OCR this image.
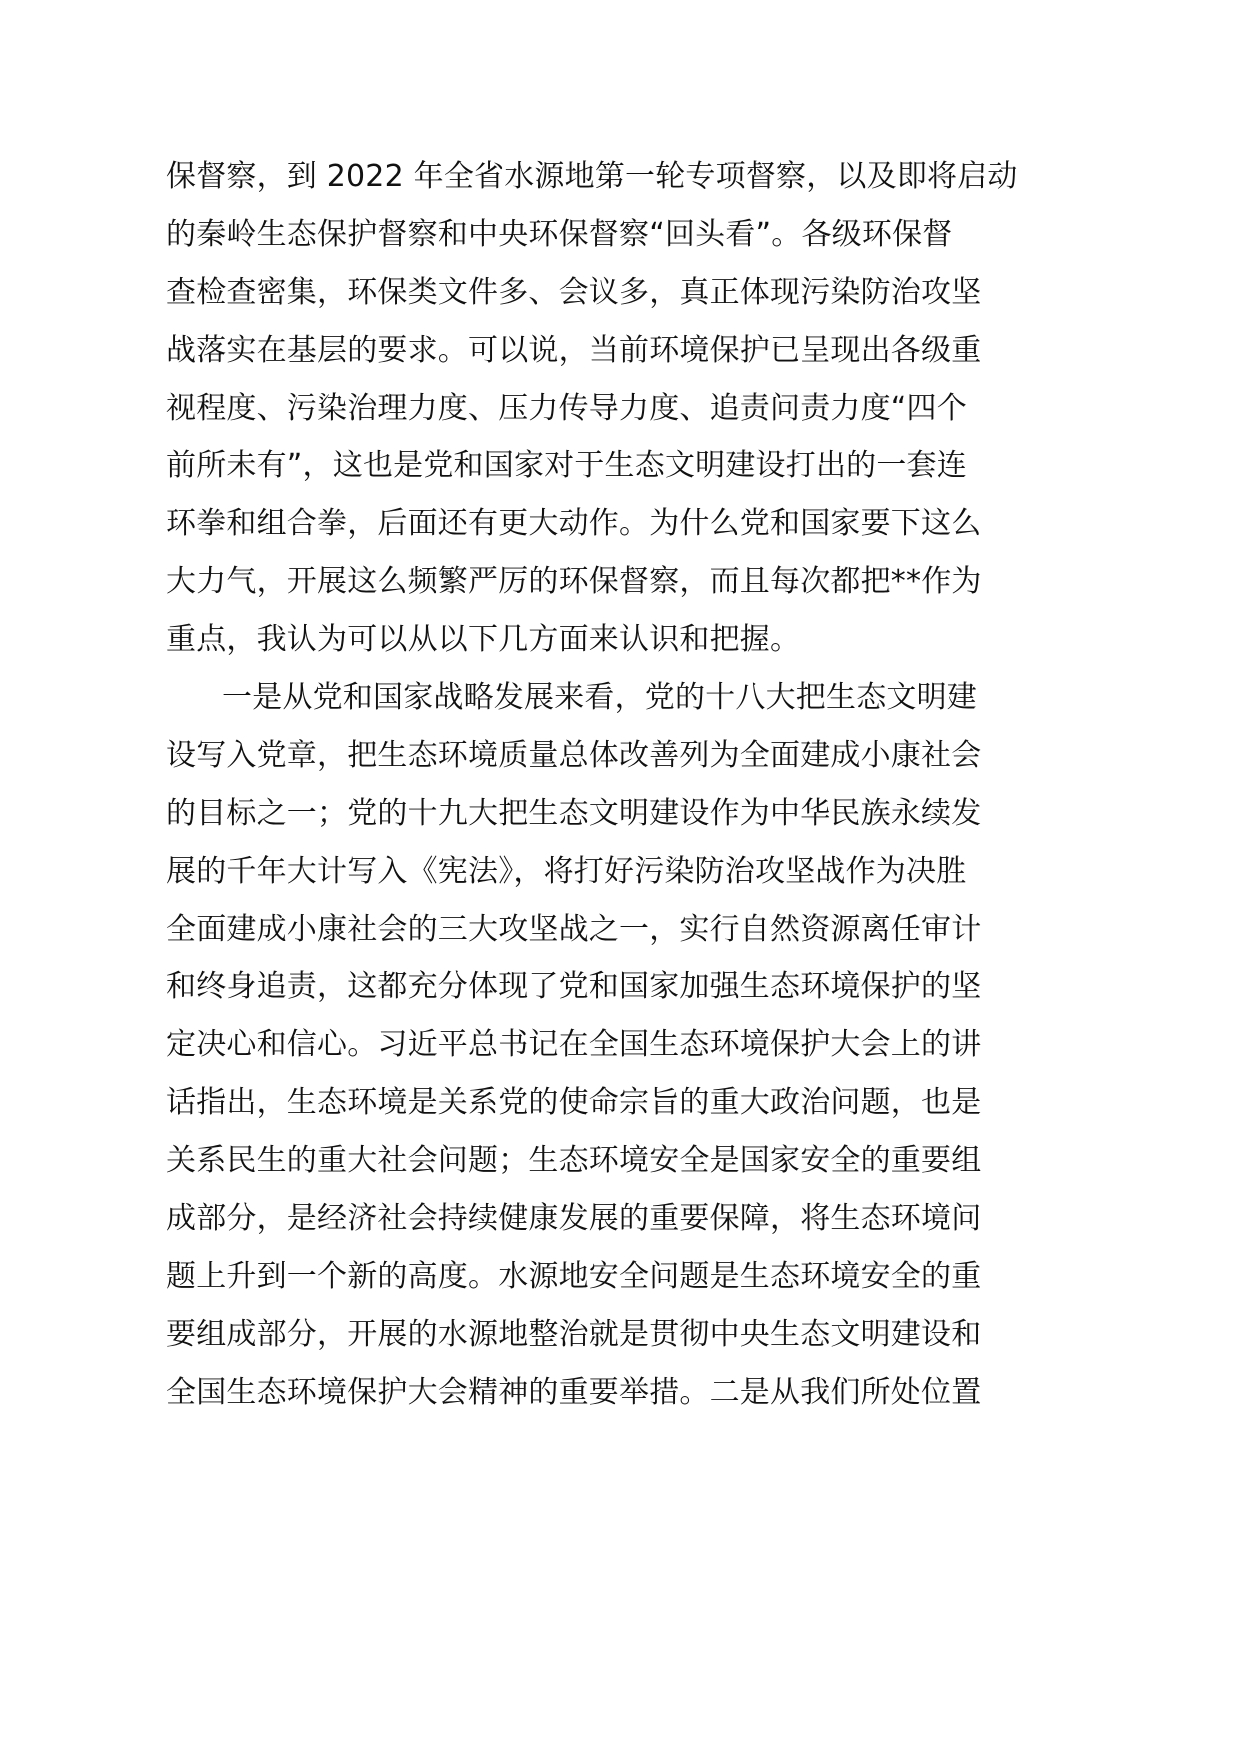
保督察，到 2022 年全省水源地第一轮专项督察，以及即将启动
的秦岭生态保护督察和中央环保督察“回头看”。各级环保督
查检查密集，环保类文件多、会议多，真正体现污染防治攻坚
战落实在基层的要求。可以说，当前环境保护已呈现出各级重
视程度、污染治理力度、压力传导力度、追责问责力度“四个
前所未有”，这也是党和国家对于生态文明建设打出的一套连
环拳和组合拳，后面还有更大动作。为什么党和国家要下这么
大力气，开展这么频繁严厉的环保督察，而且每次都把**作为
重点，我认为可以从以下几方面来认识和把握。
一是从党和国家战略发展来看，党的十八大把生态文明建
设写入党章，把生态环境质量总体改善列为全面建成小康社会
的目标之一；党的十九大把生态文明建设作为中华民族永续发
展的千年大计写入《宪法》，将打好污染防治攻坚战作为决胜
全面建成小康社会的三大攻坚战之一，实行自然资源离任审计
和终身追责，这都充分体现了党和国家加强生态环境保护的坚
定决心和信心。习近平总书记在全国生态环境保护大会上的讲
话指出，生态环境是关系党的使命宗旨的重大政治问题，也是
关系民生的重大社会问题；生态环境安全是国家安全的重要组
成部分，是经济社会持续健康发展的重要保障，将生态环境问
题上升到一个新的高度。水源地安全问题是生态环境安全的重
要组成部分，开展的水源地整治就是贯彻中央生态文明建设和
全国生态环境保护大会精神的重要举措。二是从我们所处位置
